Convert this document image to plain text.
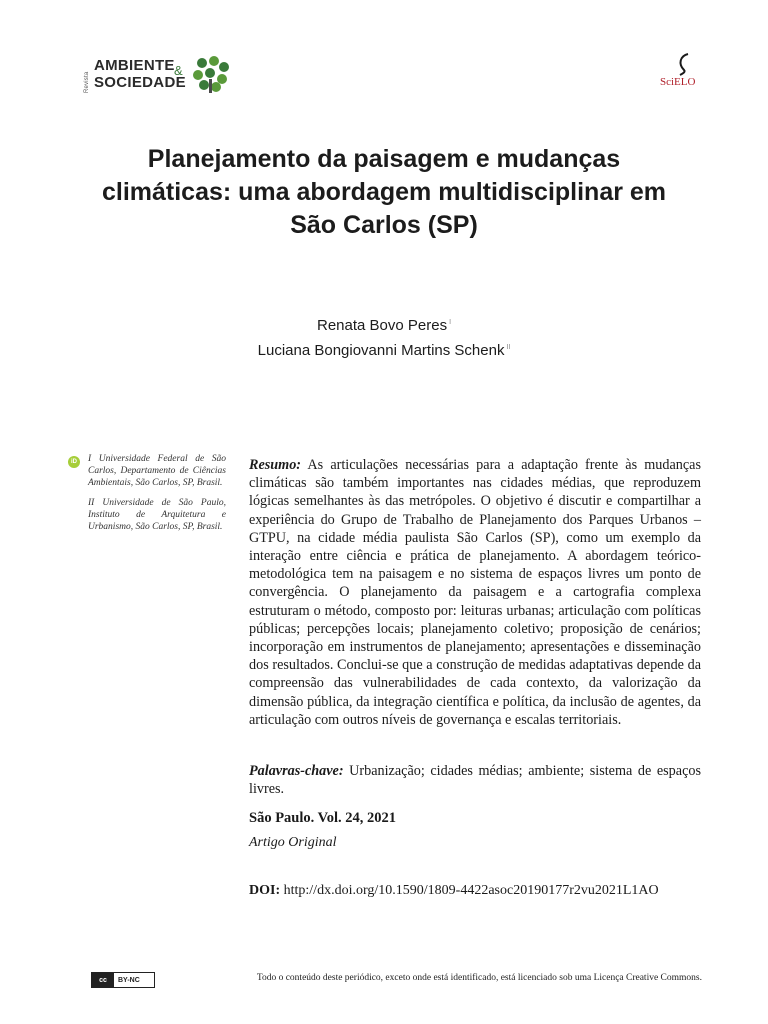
Revista
AMBIENTE &
SOCIEDADE	SciELO
Planejamento da paisagem e mudanças climáticas: uma abordagem multidisciplinar em São Carlos (SP)
Renata Bovo Peres $^I$
Luciana Bongiovanni Martins Schenk $^{II}$
iD	I Universidade Federal de São Carlos, Departamento de Ciências Ambientais, São Carlos, SP, Brasil.

II Universidade de São Paulo, Instituto de Arquitetura e Urbanismo, São Carlos, SP, Brasil.

Resumo: As articulações necessárias para a adaptação frente às mudanças climáticas são também importantes nas cidades médias, que reproduzem lógicas semelhantes às das metrópoles. O objetivo é discutir e compartilhar a experiência do Grupo de Trabalho de Planejamento dos Parques Urbanos – GTPU, na cidade média paulista São Carlos (SP), como um exemplo da interação entre ciência e prática de planejamento. A abordagem teórico-metodológica tem na paisagem e no sistema de espaços livres um ponto de convergência. O planejamento da paisagem e a cartografia complexa estruturam o método, composto por: leituras urbanas; articulação com políticas públicas; percepções locais; planejamento coletivo; proposição de cenários; incorporação em instrumentos de planejamento; apresentações e disseminação dos resultados. Conclui-se que a construção de medidas adaptativas depende da compreensão das vulnerabilidades de cada contexto, da valorização da dimensão pública, da integração científica e política, da inclusão de agentes, da articulação com outros níveis de governança e escalas territoriais.
Palavras-chave: Urbanização; cidades médias; ambiente; sistema de espaços livres.
São Paulo. Vol. 24, 2021
Artigo Original
DOI: http://dx.doi.org/10.1590/1809-4422asoc20190177r2vu2021L1AO
cc	BY-NC	Todo o conteúdo deste periódico, exceto onde está identificado, está licenciado sob uma Licença Creative Commons.
